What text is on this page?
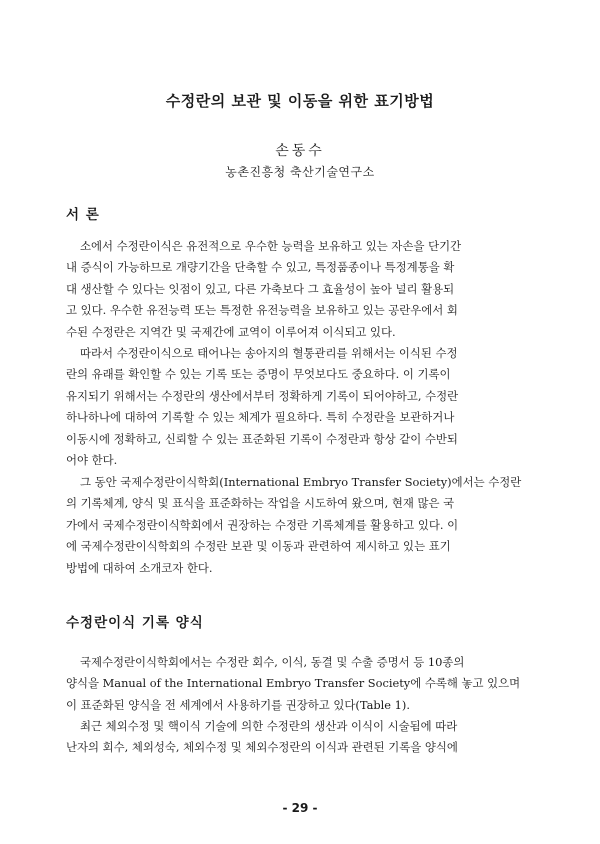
수정란의 보관 및 이동을 위한 표기방법
손동수
농촌진흥청 축산기술연구소
서 론
소에서 수정란이식은 유전적으로 우수한 능력을 보유하고 있는 자손을 단기간
내 증식이 가능하므로 개량기간을 단축할 수 있고, 특정품종이나 특정계통을 확
대 생산할 수 있다는 잇점이 있고, 다른 가축보다 그 효율성이 높아 널리 활용되
고 있다. 우수한 유전능력 또는 특정한 유전능력을 보유하고 있는 공란우에서 회
수된 수정란은 지역간 및 국제간에 교역이 이루어져 이식되고 있다.
따라서 수정란이식으로 태어나는 송아지의 혈통관리를 위해서는 이식된 수정
란의 유래를 확인할 수 있는 기록 또는 증명이 무엇보다도 중요하다. 이 기록이
유지되기 위해서는 수정란의 생산에서부터 정확하게 기록이 되어야하고, 수정란
하나하나에 대하여 기록할 수 있는 체계가 필요하다. 특히 수정란을 보관하거나
이동시에 정확하고, 신뢰할 수 있는 표준화된 기록이 수정란과 항상 같이 수반되
어야 한다.
그 동안 국제수정란이식학회(International Embryo Transfer Society)에서는 수정란
의 기록체계, 양식 및 표식을 표준화하는 작업을 시도하여 왔으며, 현재 많은 국
가에서 국제수정란이식학회에서 권장하는 수정란 기록체계를 활용하고 있다. 이
에 국제수정란이식학회의 수정란 보관 및 이동과 관련하여 제시하고 있는 표기
방법에 대하여 소개코자 한다.
수정란이식 기록 양식
국제수정란이식학회에서는 수정란 회수, 이식, 동결 및 수출 증명서 등 10종의
양식을 Manual of the International Embryo Transfer Society에 수록해 놓고 있으며
이 표준화된 양식을 전 세계에서 사용하기를 권장하고 있다(Table 1).
최근 체외수정 및 핵이식 기술에 의한 수정란의 생산과 이식이 시술됨에 따라
난자의 회수, 체외성숙, 체외수정 및 체외수정란의 이식과 관련된 기록을 양식에
- 29 -
